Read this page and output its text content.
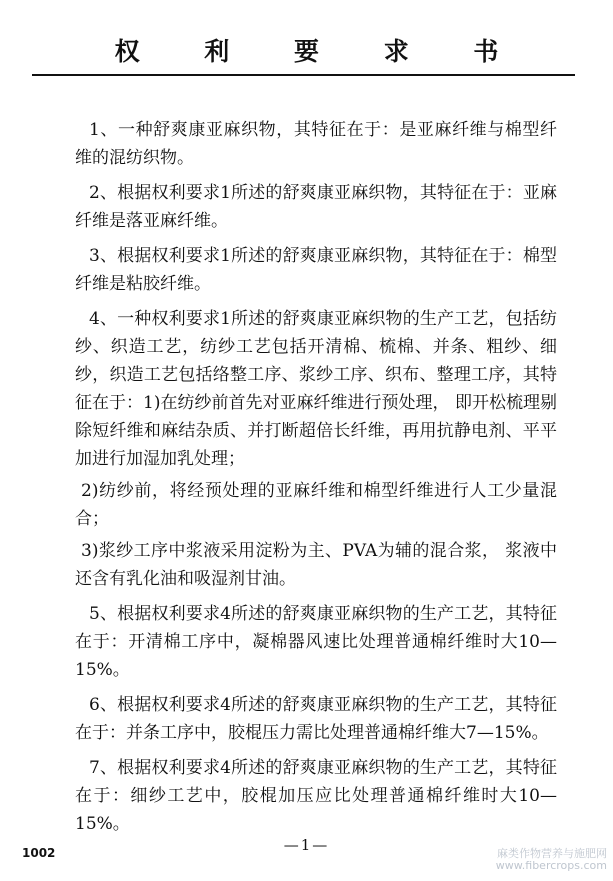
权 利 要 求 书

1、一种舒爽康亚麻织物，其特征在于：是亚麻纤维与棉型纤维的混纺织物。

2、根据权利要求1所述的舒爽康亚麻织物，其特征在于：亚麻纤维是落亚麻纤维。

3、根据权利要求1所述的舒爽康亚麻织物，其特征在于：棉型纤维是粘胶纤维。

4、一种权利要求1所述的舒爽康亚麻织物的生产工艺，包括纺纱、织造工艺，纺纱工艺包括开清棉、梳棉、并条、粗纱、细纱，织造工艺包括络整工序、浆纱工序、织布、整理工序，其特征在于：1)在纺纱前首先对亚麻纤维进行预处理， 即开松梳理剔除短纤维和麻结杂质、并打断超倍长纤维，再用抗静电剂、平平加进行加湿加乳处理；

2)纺纱前，将经预处理的亚麻纤维和棉型纤维进行人工少量混合；

3)浆纱工序中浆液采用淀粉为主、PVA为辅的混合浆， 浆液中还含有乳化油和吸湿剂甘油。

5、根据权利要求4所述的舒爽康亚麻织物的生产工艺，其特征在于：开清棉工序中，凝棉器风速比处理普通棉纤维时大10—15%。

6、根据权利要求4所述的舒爽康亚麻织物的生产工艺，其特征在于：并条工序中，胶棍压力需比处理普通棉纤维大7—15%。

7、根据权利要求4所述的舒爽康亚麻织物的生产工艺，其特征在于：细纱工艺中，胶棍加压应比处理普通棉纤维时大10—15%。

—1—
1002	麻类作物营养与施肥网
www.fibercrops.com
